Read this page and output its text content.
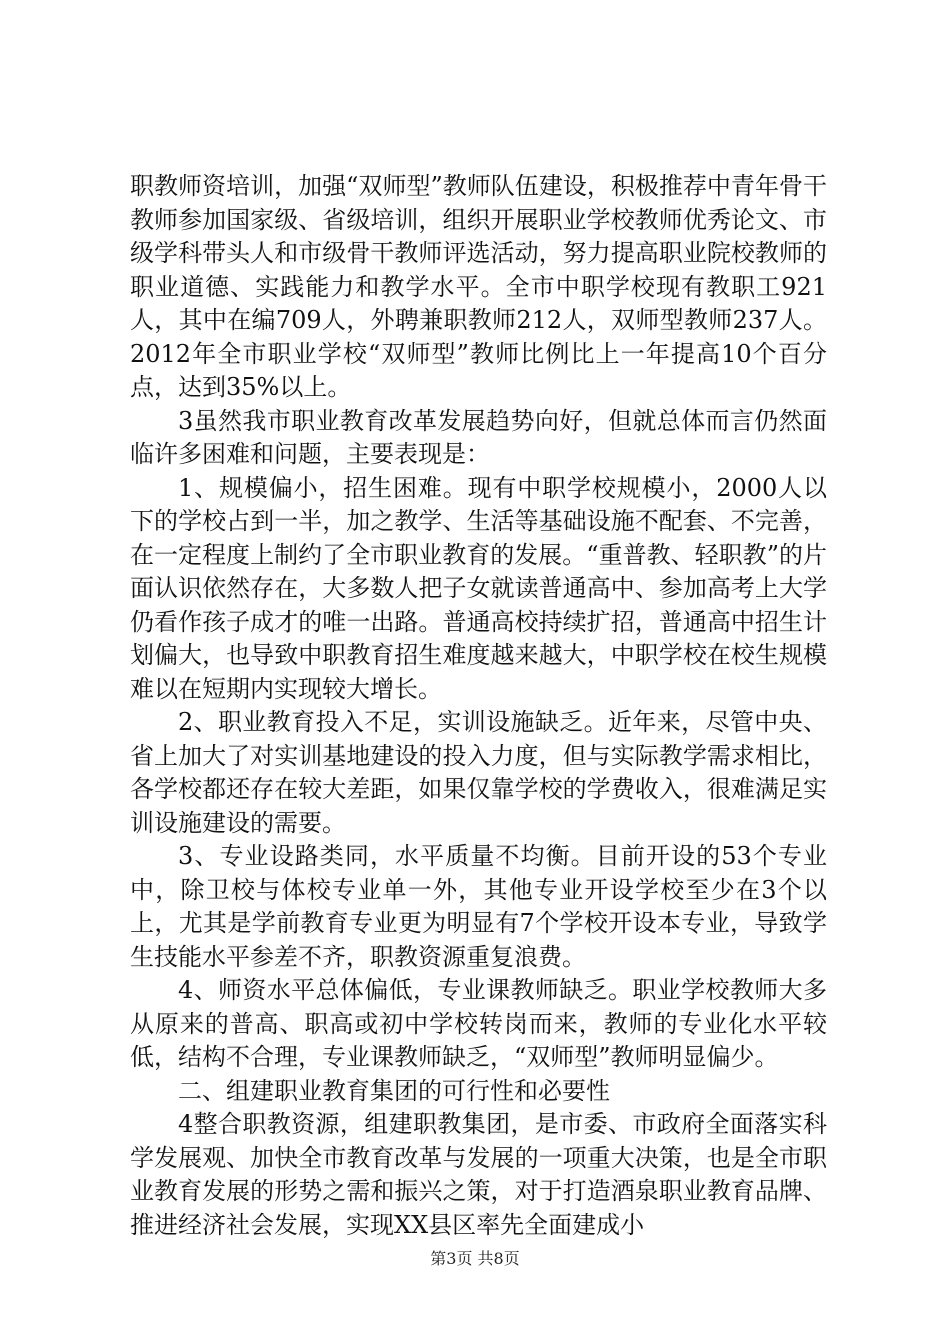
职教师资培训，加强“双师型”教师队伍建设，积极推荐中青年骨干教师参加国家级、省级培训，组织开展职业学校教师优秀论文、市级学科带头人和市级骨干教师评选活动，努力提高职业院校教师的职业道德、实践能力和教学水平。全市中职学校现有教职工921人，其中在编709人，外聘兼职教师212人，双师型教师237人。2012年全市职业学校“双师型”教师比例比上一年提高10个百分点，达到35%以上。

3虽然我市职业教育改革发展趋势向好，但就总体而言仍然面临许多困难和问题，主要表现是：

1、规模偏小，招生困难。现有中职学校规模小，2000人以下的学校占到一半，加之教学、生活等基础设施不配套、不完善，在一定程度上制约了全市职业教育的发展。“重普教、轻职教”的片面认识依然存在，大多数人把子女就读普通高中、参加高考上大学仍看作孩子成才的唯一出路。普通高校持续扩招，普通高中招生计划偏大，也导致中职教育招生难度越来越大，中职学校在校生规模难以在短期内实现较大增长。

2、职业教育投入不足，实训设施缺乏。近年来，尽管中央、省上加大了对实训基地建设的投入力度，但与实际教学需求相比，各学校都还存在较大差距，如果仅靠学校的学费收入，很难满足实训设施建设的需要。

3、专业设路类同，水平质量不均衡。目前开设的53个专业中，除卫校与体校专业单一外，其他专业开设学校至少在3个以上，尤其是学前教育专业更为明显有7个学校开设本专业，导致学生技能水平参差不齐，职教资源重复浪费。

4、师资水平总体偏低，专业课教师缺乏。职业学校教师大多从原来的普高、职高或初中学校转岗而来，教师的专业化水平较低，结构不合理，专业课教师缺乏，“双师型”教师明显偏少。

二、组建职业教育集团的可行性和必要性

4整合职教资源，组建职教集团，是市委、市政府全面落实科学发展观、加快全市教育改革与发展的一项重大决策，也是全市职业教育发展的形势之需和振兴之策，对于打造酒泉职业教育品牌、推进经济社会发展，实现XX县区率先全面建成小

第3页 共8页
